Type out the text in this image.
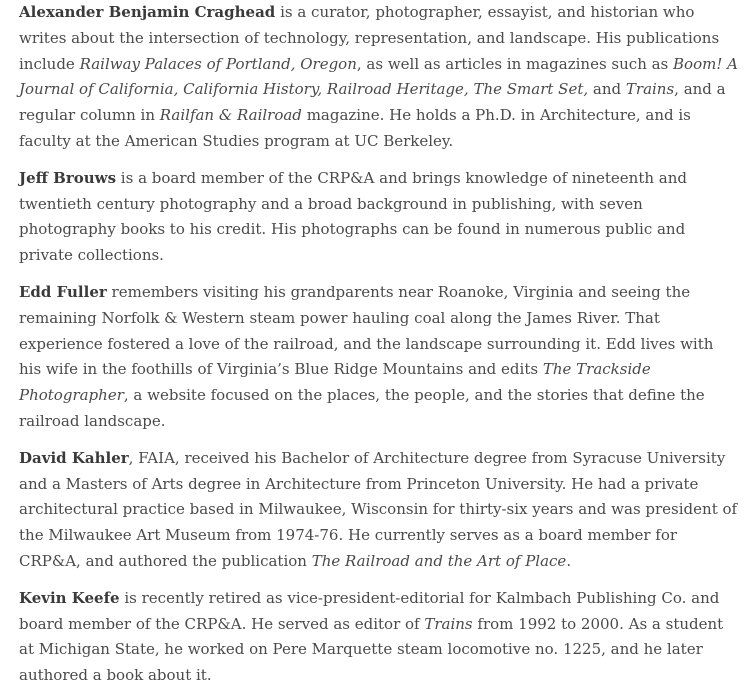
Alexander Benjamin Craghead is a curator, photographer, essayist, and historian who writes about the intersection of technology, representation, and landscape. His publications include Railway Palaces of Portland, Oregon, as well as articles in magazines such as Boom! A Journal of California, California History, Railroad Heritage, The Smart Set, and Trains, and a regular column in Railfan & Railroad magazine. He holds a Ph.D. in Architecture, and is faculty at the American Studies program at UC Berkeley.

Jeff Brouws is a board member of the CRP&A and brings knowledge of nineteenth and twentieth century photography and a broad background in publishing, with seven photography books to his credit. His photographs can be found in numerous public and private collections.

Edd Fuller remembers visiting his grandparents near Roanoke, Virginia and seeing the remaining Norfolk & Western steam power hauling coal along the James River. That experience fostered a love of the railroad, and the landscape surrounding it. Edd lives with his wife in the foothills of Virginia’s Blue Ridge Mountains and edits The Trackside Photographer, a website focused on the places, the people, and the stories that define the railroad landscape.

David Kahler, FAIA, received his Bachelor of Architecture degree from Syracuse University and a Masters of Arts degree in Architecture from Princeton University. He had a private architectural practice based in Milwaukee, Wisconsin for thirty-six years and was president of the Milwaukee Art Museum from 1974-76. He currently serves as a board member for CRP&A, and authored the publication The Railroad and the Art of Place.

Kevin Keefe is recently retired as vice-president-editorial for Kalmbach Publishing Co. and board member of the CRP&A. He served as editor of Trains from 1992 to 2000. As a student at Michigan State, he worked on Pere Marquette steam locomotive no. 1225, and he later authored a book about it.
